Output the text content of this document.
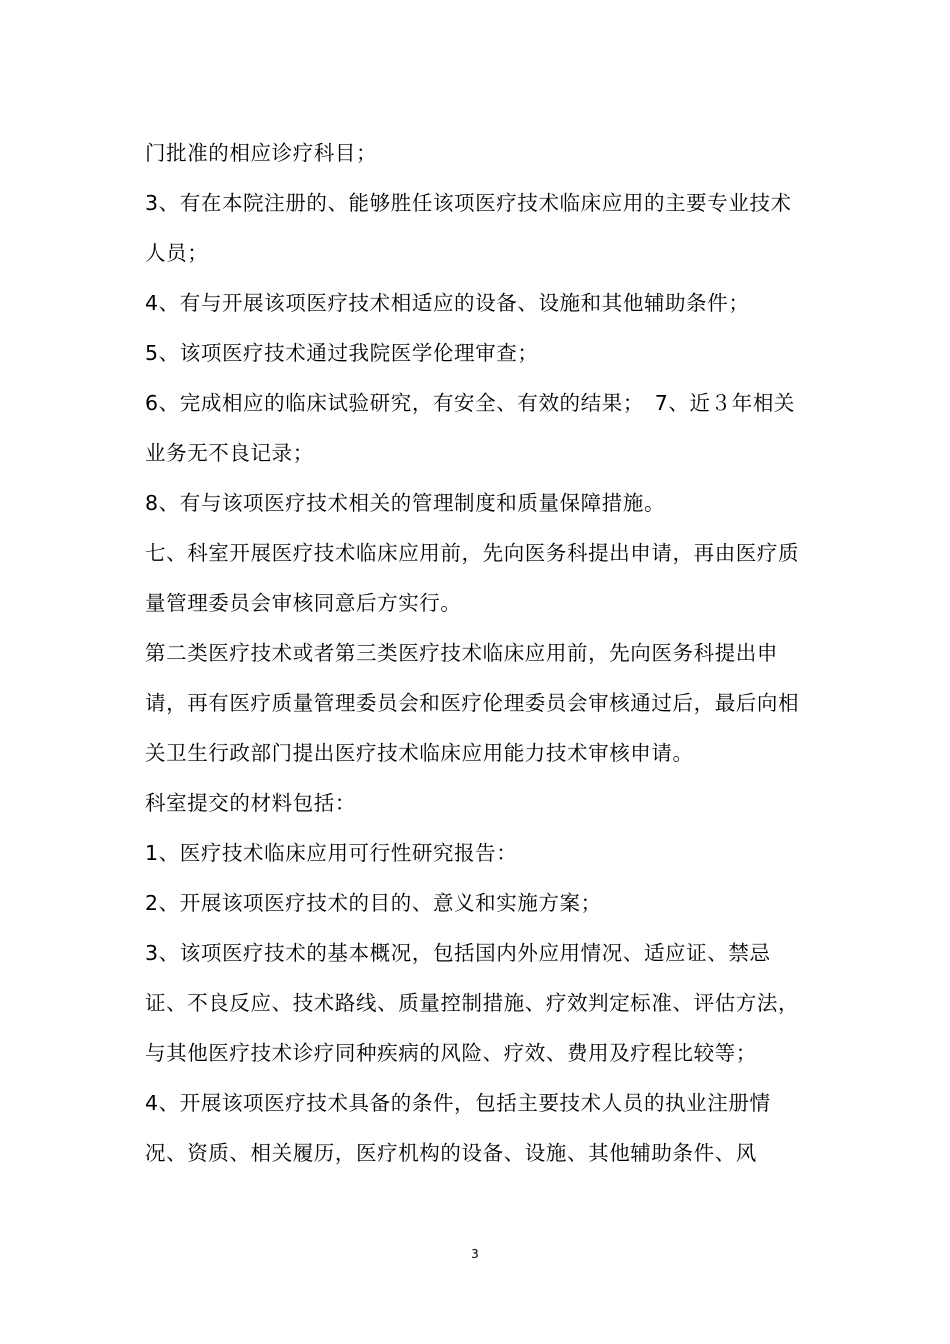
门批准的相应诊疗科目；

3、有在本院注册的、能够胜任该项医疗技术临床应用的主要专业技术人员；

4、有与开展该项医疗技术相适应的设备、设施和其他辅助条件；

5、该项医疗技术通过我院医学伦理审查；

6、完成相应的临床试验研究，有安全、有效的结果；　7、近３年相关业务无不良记录；

8、有与该项医疗技术相关的管理制度和质量保障措施。

七、科室开展医疗技术临床应用前，先向医务科提出申请，再由医疗质量管理委员会审核同意后方实行。

第二类医疗技术或者第三类医疗技术临床应用前，先向医务科提出申请，再有医疗质量管理委员会和医疗伦理委员会审核通过后，最后向相关卫生行政部门提出医疗技术临床应用能力技术审核申请。

科室提交的材料包括：

1、医疗技术临床应用可行性研究报告：

2、开展该项医疗技术的目的、意义和实施方案；

3、该项医疗技术的基本概况，包括国内外应用情况、适应证、禁忌证、不良反应、技术路线、质量控制措施、疗效判定标准、评估方法，与其他医疗技术诊疗同种疾病的风险、疗效、费用及疗程比较等；

4、开展该项医疗技术具备的条件，包括主要技术人员的执业注册情况、资质、相关履历，医疗机构的设备、设施、其他辅助条件、风

3
